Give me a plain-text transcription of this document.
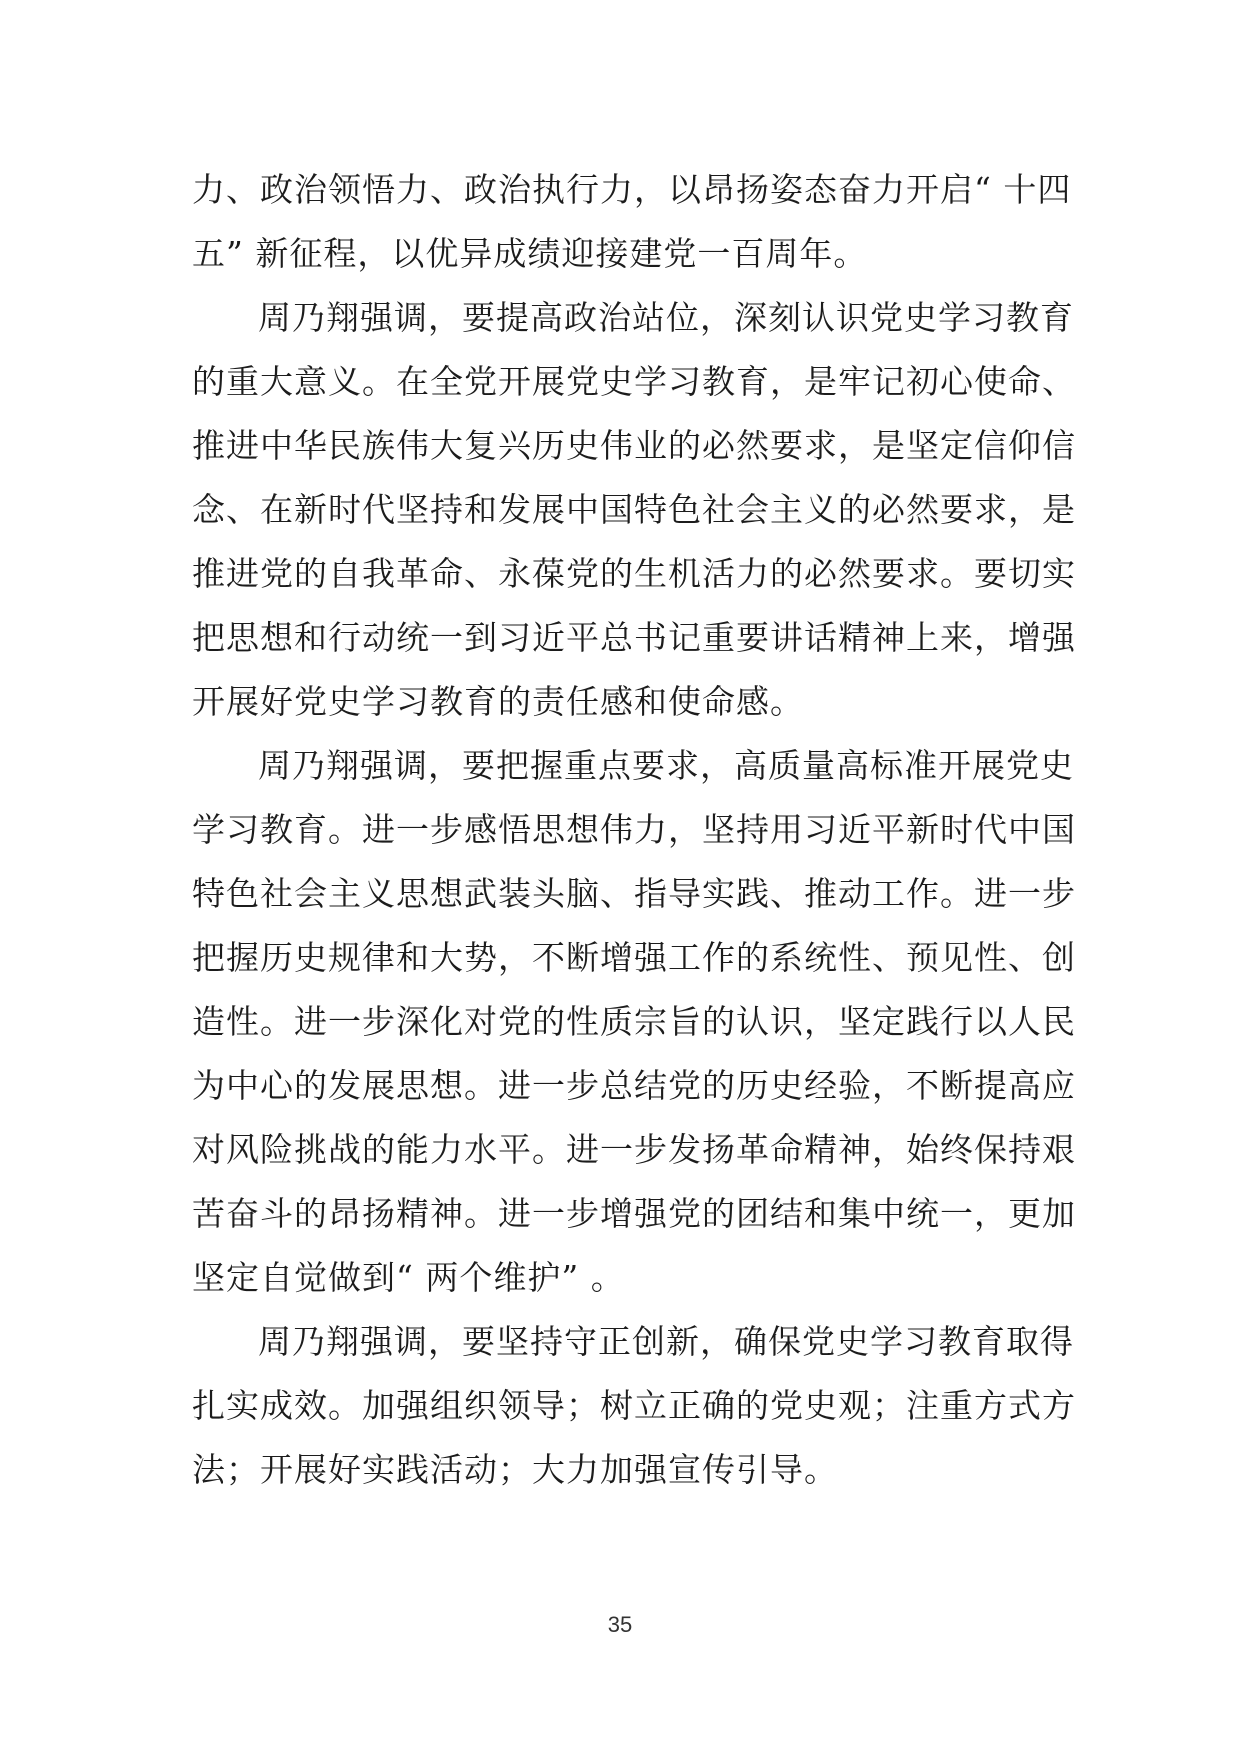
力、政治领悟力、政治执行力，以昂扬姿态奋力开启“ 十四
五” 新征程，以优异成绩迎接建党一百周年。
周乃翔强调，要提高政治站位，深刻认识党史学习教育
的重大意义。在全党开展党史学习教育，是牢记初心使命、
推进中华民族伟大复兴历史伟业的必然要求，是坚定信仰信
念、在新时代坚持和发展中国特色社会主义的必然要求，是
推进党的自我革命、永葆党的生机活力的必然要求。要切实
把思想和行动统一到习近平总书记重要讲话精神上来，增强
开展好党史学习教育的责任感和使命感。
周乃翔强调，要把握重点要求，高质量高标准开展党史
学习教育。进一步感悟思想伟力，坚持用习近平新时代中国
特色社会主义思想武装头脑、指导实践、推动工作。进一步
把握历史规律和大势，不断增强工作的系统性、预见性、创
造性。进一步深化对党的性质宗旨的认识，坚定践行以人民
为中心的发展思想。进一步总结党的历史经验，不断提高应
对风险挑战的能力水平。进一步发扬革命精神，始终保持艰
苦奋斗的昂扬精神。进一步增强党的团结和集中统一，更加
坚定自觉做到“ 两个维护” 。
周乃翔强调，要坚持守正创新，确保党史学习教育取得
扎实成效。加强组织领导；树立正确的党史观；注重方式方
法；开展好实践活动；大力加强宣传引导。
35
